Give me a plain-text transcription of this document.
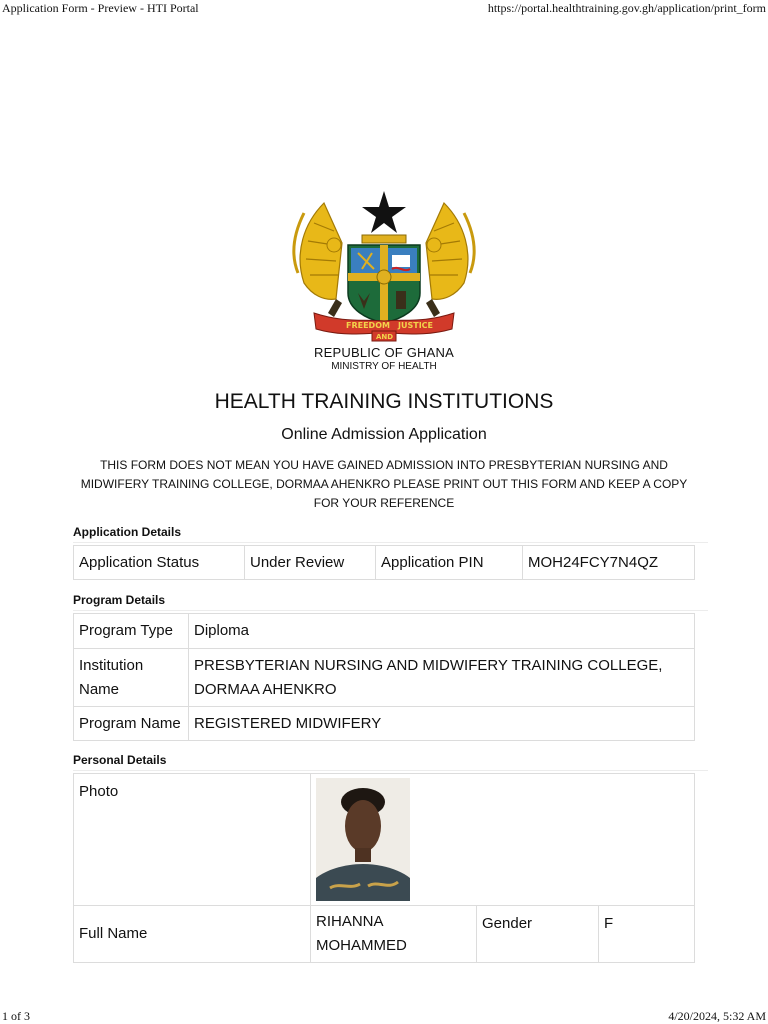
Application Form - Preview - HTI Portal	https://portal.healthtraining.gov.gh/application/print_form
1 of 3	4/20/2024, 5:32 AM
FREEDOM JUSTICE
AND
REPUBLIC OF GHANA
MINISTRY OF HEALTH
HEALTH TRAINING INSTITUTIONS
Online Admission Application
THIS FORM DOES NOT MEAN YOU HAVE GAINED ADMISSION INTO PRESBYTERIAN NURSING AND MIDWIFERY TRAINING COLLEGE, DORMAA AHENKRO PLEASE PRINT OUT THIS FORM AND KEEP A COPY FOR YOUR REFERENCE
Application Details
Application Status	Under Review	Application PIN	MOH24FCY7N4QZ
Program Details
Program Type	Diploma
Institution Name	PRESBYTERIAN NURSING AND MIDWIFERY TRAINING COLLEGE, DORMAA AHENKRO
Program Name	REGISTERED MIDWIFERY
Personal Details
Photo	

Full Name	RIHANNA MOHAMMED	Gender	F
